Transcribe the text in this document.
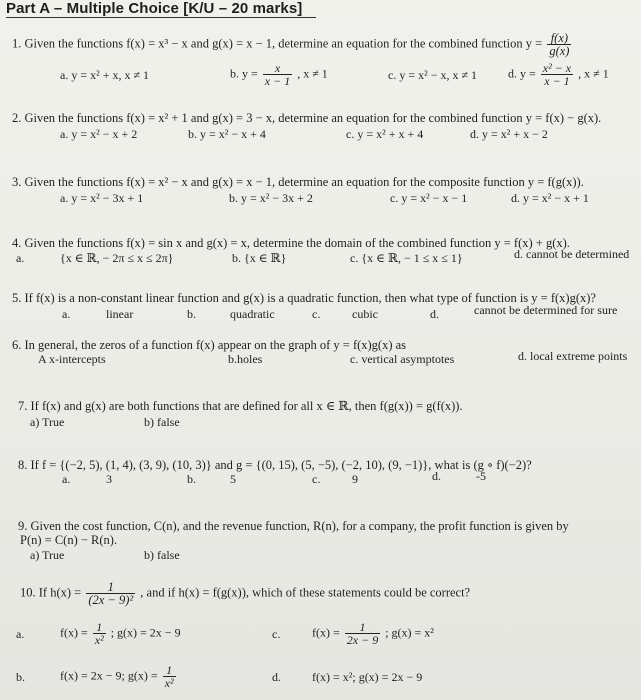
Part A – Multiple Choice [K/U – 20 marks]
1. Given the functions f(x) = x³ − x and g(x) = x − 1, determine an equation for the combined function $y = \frac{f(x)}{g(x)}$
a. y = x² + x, x ≠ 1	b. $y = \frac{x}{x - 1}$ , x ≠ 1	c. y = x² − x, x ≠ 1	d. $y = \frac{\text{x² − x}}{x - 1}$ , x ≠ 1
2. Given the functions f(x) = x² + 1 and g(x) = 3 − x, determine an equation for the combined function y = f(x) − g(x).
a. y = x² − x + 2	b. y = x² − x + 4	c. y = x² + x + 4	d. y = x² + x − 2
3. Given the functions f(x) = x² − x and g(x) = x − 1, determine an equation for the composite function y = f(g(x)).
a. y = x² − 3x + 1	b. y = x² − 3x + 2	c. y = x² − x − 1	d. y = x² − x + 1
4. Given the functions f(x) = sin x and g(x) = x, determine the domain of the combined function y = f(x) + g(x).
a.	{x ∈ ℝ, − 2π ≤ x ≤ 2π}	b. {x ∈ ℝ}	c. {x ∈ ℝ, − 1 ≤ x ≤ 1}	d. cannot be determined
5. If f(x) is a non-constant linear function and g(x) is a quadratic function, then what type of function is y = f(x)g(x)?
a.	linear	b.	quadratic	c.	cubic	d.	cannot be determined for sure
6. In general, the zeros of a function f(x) appear on the graph of y = f(x)g(x) as
A x-intercepts	b.holes	c. vertical asymptotes	d. local extreme points
7. If f(x) and g(x) are both functions that are defined for all x ∈ ℝ, then f(g(x)) = g(f(x)).
a) True	b) false
8. If f = {(−2, 5), (1, 4), (3, 9), (10, 3)} and g = {(0, 15), (5, −5), (−2, 10), (9, −1)}, what is (g ∘ f)(−2)?
a.	3	b.	5	c.	9	d.	-5
9. Given the cost function, C(n), and the revenue function, R(n), for a company, the profit function is given by
P(n) = C(n) − R(n).
a) True	b) false
10. If $h(x) = \frac{1}{\text{(2x − 9)²}}$ , and if h(x) = f(g(x)), which of these statements could be correct?
a.	$f(x) = \frac{1}{\text{x²}}$ ; g(x) = 2x − 9	c.	$f(x) = \frac{1}{2x - 9}$ ; g(x) = x²
b.	f(x) = 2x − 9; $g(x) = \frac{1}{\text{x²}}$	d.	f(x) = x²; g(x) = 2x − 9
